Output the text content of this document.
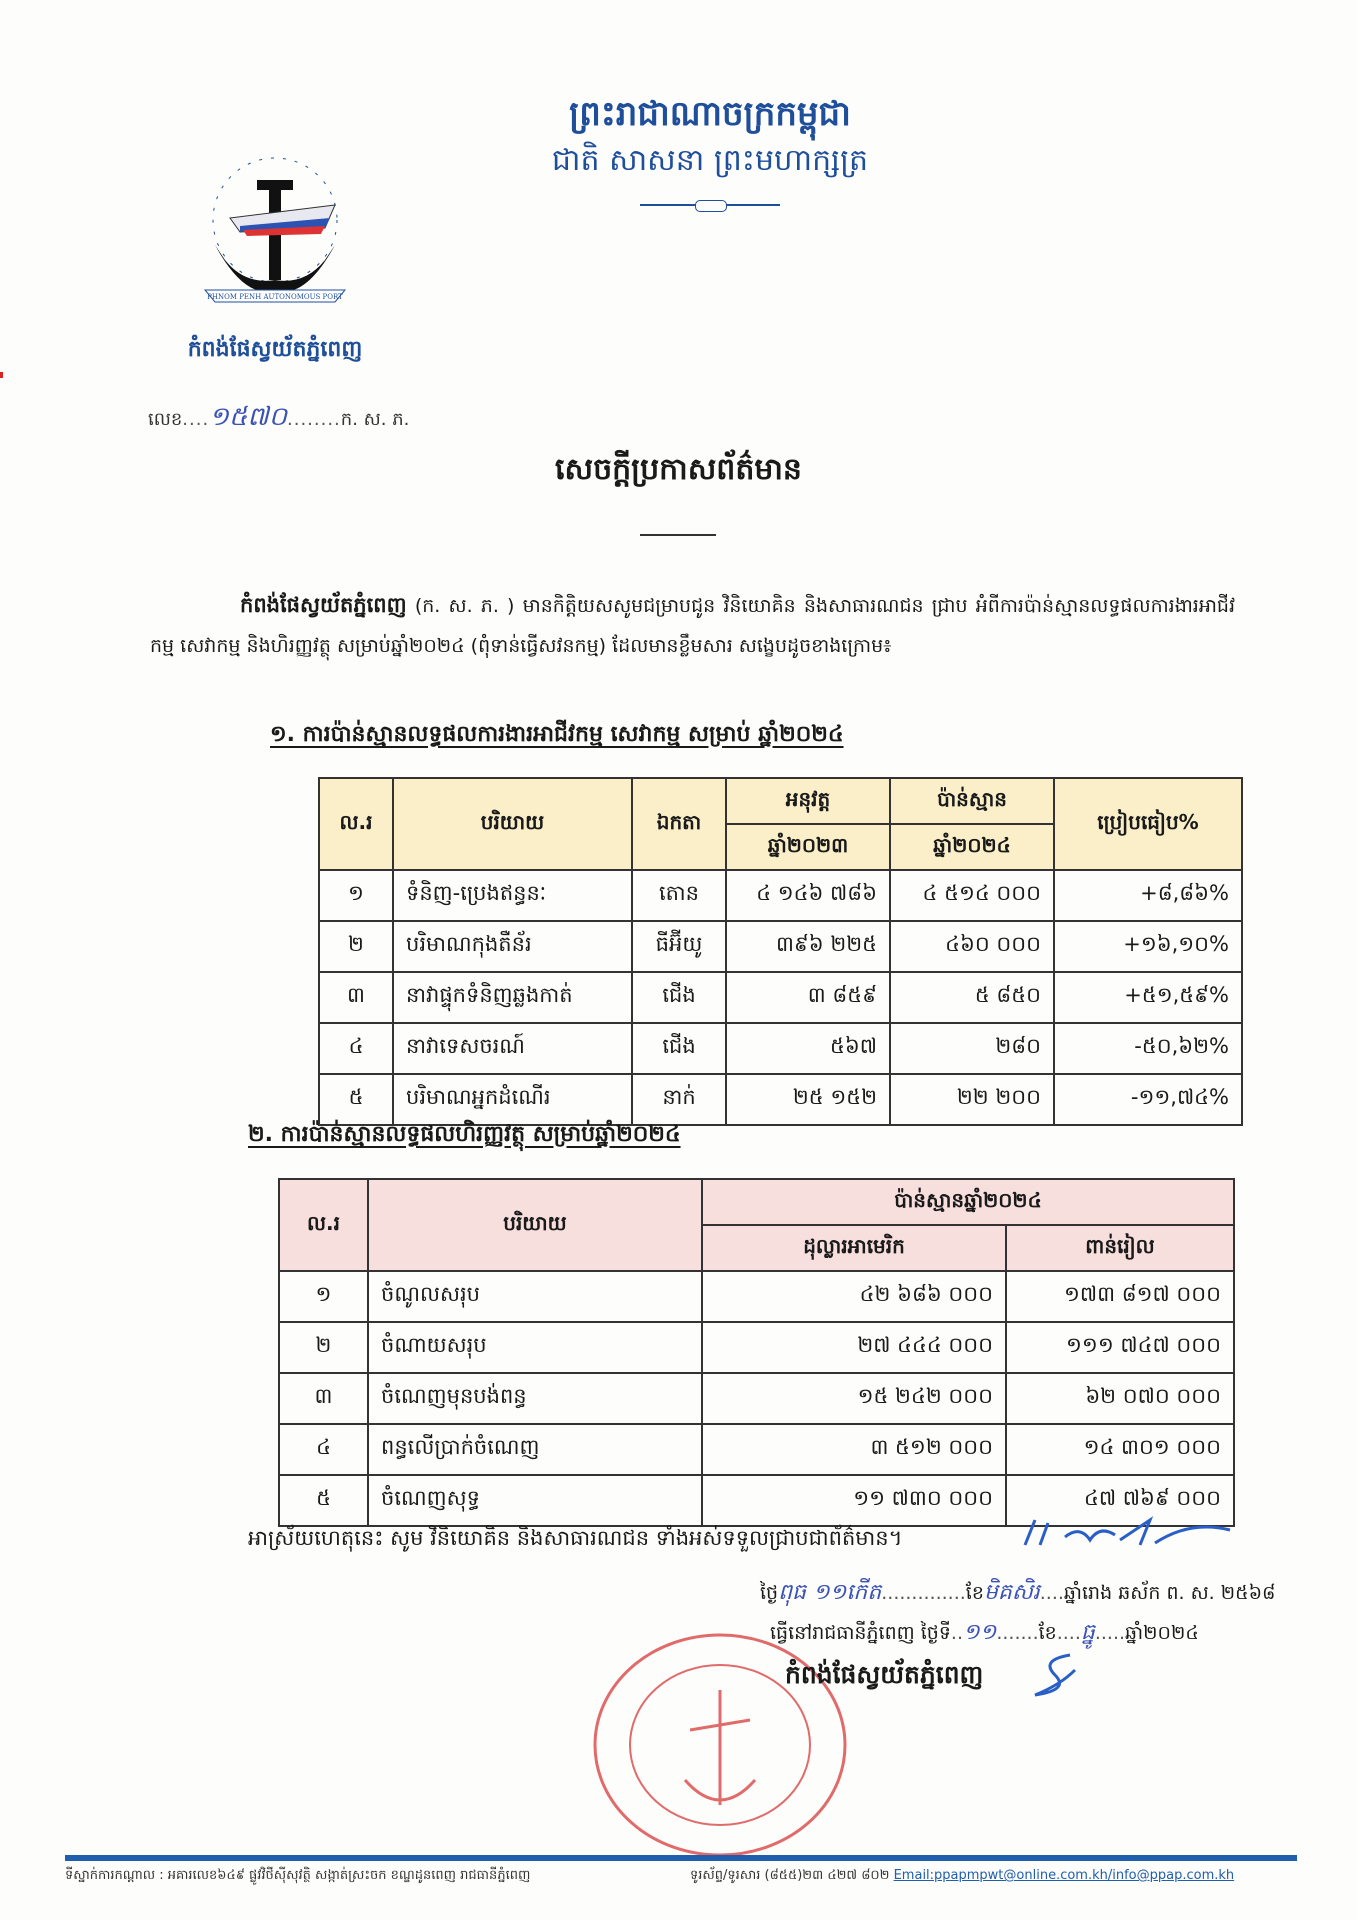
ព្រះរាជាណាចក្រកម្ពុជា
ជាតិ សាសនា ព្រះមហាក្សត្រ
PHNOM PENH AUTONOMOUS PORT
កំពង់ផែស្វយ័តភ្នំពេញ
លេខ....១៥៧០........ក. ស. ភ.
សេចក្តីប្រកាសព័ត៌មាន
កំពង់ផែស្វយ័តភ្នំពេញ (ក. ស. ភ. ) មានកិត្តិយសសូមជម្រាបជូន វិនិយោគិន និងសាធារណជន ជ្រាប អំពីការប៉ាន់ស្មានលទ្ធផលការងារអាជីវកម្ម សេវាកម្ម និងហិរញ្ញវត្ថុ សម្រាប់ឆ្នាំ២០២៤ (ពុំទាន់ធ្វើសវនកម្ម) ដែលមានខ្លឹមសារ សង្ខេបដូចខាងក្រោម៖
១. ការប៉ាន់ស្មានលទ្ធផលការងារអាជីវកម្ម សេវាកម្ម សម្រាប់ ឆ្នាំ២០២៤
ល.រ	បរិយាយ	ឯកតា	អនុវត្ត	ប៉ាន់ស្មាន	ប្រៀបធៀប%
			ឆ្នាំ២០២៣	ឆ្នាំ២០២៤	
១	ទំនិញ-ប្រេងឥន្ធនៈ	តោន	៤ ១៤៦ ៧៨៦	៤ ៥១៤ ០០០	+៨,៨៦%
២	បរិមាណកុងតឺន័រ	ធីអ៊ីយូ	៣៩៦ ២២៥	៤៦០ ០០០	+១៦,១០%
៣	នាវាផ្ទុកទំនិញឆ្លងកាត់	ជើង	៣ ៨៥៩	៥ ៨៥០	+៥១,៥៩%
៤	នាវាទេសចរណ៍	ជើង	៥៦៧	២៨០	-៥០,៦២%
៥	បរិមាណអ្នកដំណើរ	នាក់	២៥ ១៥២	២២ ២០០	-១១,៧៤%
២. ការប៉ាន់ស្មានលទ្ធផលហិរញ្ញវត្ថុ សម្រាប់ឆ្នាំ២០២៤
ល.រ	បរិយាយ	ប៉ាន់ស្មានឆ្នាំ២០២៤	
		ដុល្លារអាមេរិក	ពាន់រៀល
១	ចំណូលសរុប	៤២ ៦៨៦ ០០០	១៧៣ ៨១៧ ០០០
២	ចំណាយសរុប	២៧ ៤៤៤ ០០០	១១១ ៧៤៧ ០០០
៣	ចំណេញមុនបង់ពន្ធ	១៥ ២៤២ ០០០	៦២ ០៧០ ០០០
៤	ពន្ធលើប្រាក់ចំណេញ	៣ ៥១២ ០០០	១៤ ៣០១ ០០០
៥	ចំណេញសុទ្ធ	១១ ៧៣០ ០០០	៤៧ ៧៦៩ ០០០
អាស្រ័យហេតុនេះ សូម វិនិយោគិន និងសាធារណជន ទាំងអស់ទទួលជ្រាបជាព័ត៌មាន។
ថ្ងៃពុធ ១១កើត..............ខែមិគសិរ....ឆ្នាំរោង ឆស័ក ព. ស. ២៥៦៨
ធ្វើនៅរាជធានីភ្នំពេញ ថ្ងៃទី..១១.......ខែ....ធ្នូ.....ឆ្នាំ២០២៤
កំពង់ផែស្វយ័តភ្នំពេញ
ទីស្នាក់ការកណ្តាល : អគារលេខ៦៤៩ ផ្លូវវិថីស៊ីសុវត្ថិ សង្កាត់ស្រះចក ខណ្ឌដូនពេញ រាជធានីភ្នំពេញ	ទូរស័ព្ទ/ទូរសារ (៨៥៥)២៣ ៤២៧ ៨០២ Email:ppapmpwt@online.com.kh/info@ppap.com.kh
